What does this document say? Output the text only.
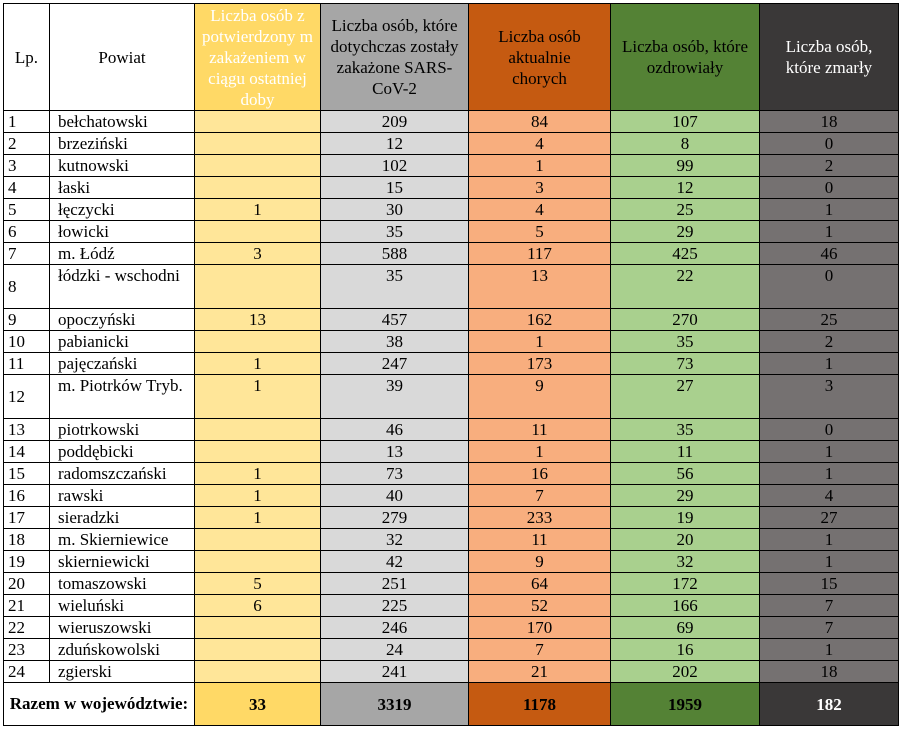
Lp.	Powiat	Liczba osób z potwierdzony m zakażeniem w ciągu ostatniej doby	Liczba osób, które dotychczas zostały zakażone SARS-CoV-2	Liczba osób aktualnie chorych	Liczba osób, które ozdrowiały	Liczba osób, które zmarły

1	bełchatowski		209	84	107	18
2	brzeziński		12	4	8	0
3	kutnowski		102	1	99	2
4	łaski		15	3	12	0
5	łęczycki	1	30	4	25	1
6	łowicki		35	5	29	1
7	m. Łódź	3	588	117	425	46
8	łódzki - wschodni		35	13	22	0
9	opoczyński	13	457	162	270	25
10	pabianicki		38	1	35	2
11	pajęczański	1	247	173	73	1
12	m. Piotrków Tryb.	1	39	9	27	3
13	piotrkowski		46	11	35	0
14	poddębicki		13	1	11	1
15	radomszczański	1	73	16	56	1
16	rawski	1	40	7	29	4
17	sieradzki	1	279	233	19	27
18	m. Skierniewice		32	11	20	1
19	skierniewicki		42	9	32	1
20	tomaszowski	5	251	64	172	15
21	wieluński	6	225	52	166	7
22	wieruszowski		246	170	69	7
23	zduńskowolski		24	7	16	1
24	zgierski		241	21	202	18
Razem w województwie:		33	3319	1178	1959	182
